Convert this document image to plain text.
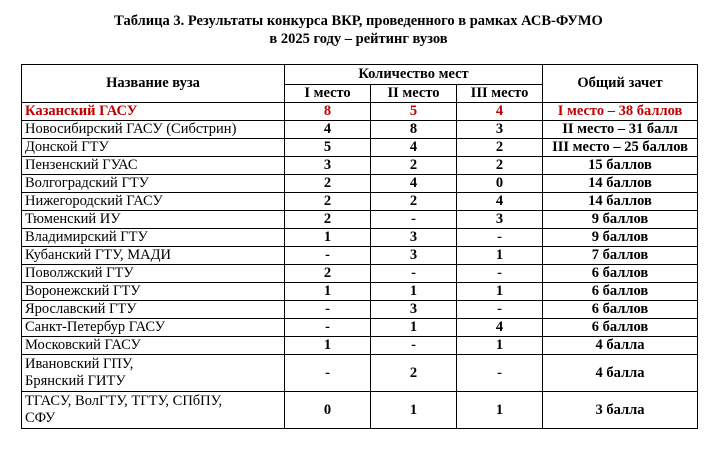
Таблица 3. Результаты конкурса ВКР, проведенного в рамках АСВ-ФУМО
в 2025 году – рейтинг вузов
Название вуза	Количество мест			Общий зачет
	I место	II место	III место	

Казанский ГАСУ	8	5	4	I место – 38 баллов

Новосибирский ГАСУ (Сибстрин)	4	8	3	II место – 31 балл

Донской ГТУ	5	4	2	III место – 25 баллов

Пензенский ГУАС	3	2	2	15 баллов

Волгоградский ГТУ	2	4	0	14 баллов

Нижегородский ГАСУ	2	2	4	14 баллов

Тюменский ИУ	2	-	3	9 баллов

Владимирский ГТУ	1	3	-	9 баллов

Кубанский ГТУ, МАДИ	-	3	1	7 баллов

Поволжский ГТУ	2	-	-	6 баллов

Воронежский ГТУ	1	1	1	6 баллов

Ярославский ГТУ	-	3	-	6 баллов

Санкт-Петербур ГАСУ	-	1	4	6 баллов

Московский ГАСУ	1	-	1	4 балла

Ивановский ГПУ,
Брянский ГИТУ	-	2	-	4 балла

ТГАСУ, ВолГТУ, ТГТУ, СПбПУ,
СФУ	0	1	1	3 балла
